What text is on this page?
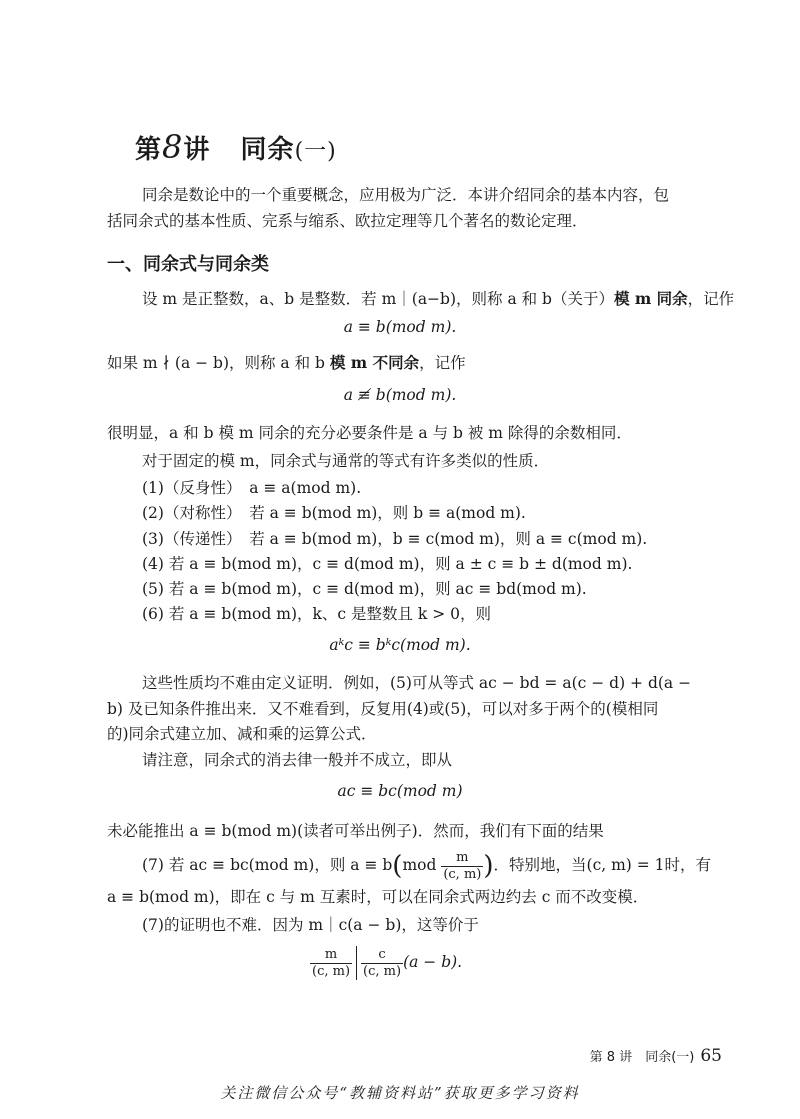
第8讲 同余(一)
同余是数论中的一个重要概念，应用极为广泛．本讲介绍同余的基本内容，包
括同余式的基本性质、完系与缩系、欧拉定理等几个著名的数论定理．
一、同余式与同余类
设 m 是正整数，a、b 是整数．若 m｜(a−b)，则称 a 和 b（关于）模 m 同余，记作
a ≡ b(mod m).
如果 m ∤ (a − b)，则称 a 和 b 模 m 不同余，记作
a ≢ b(mod m).
很明显，a 和 b 模 m 同余的充分必要条件是 a 与 b 被 m 除得的余数相同．
对于固定的模 m，同余式与通常的等式有许多类似的性质．
(1)（反身性）　a ≡ a(mod m).
(2)（对称性）　若 a ≡ b(mod m)，则 b ≡ a(mod m).
(3)（传递性）　若 a ≡ b(mod m)，b ≡ c(mod m)，则 a ≡ c(mod m).
(4) 若 a ≡ b(mod m)，c ≡ d(mod m)，则 a ± c ≡ b ± d(mod m).
(5) 若 a ≡ b(mod m)，c ≡ d(mod m)，则 ac ≡ bd(mod m).
(6) 若 a ≡ b(mod m)，k、c 是整数且 k > 0，则
aᵏc ≡ bᵏc(mod m).
这些性质均不难由定义证明．例如，(5)可从等式 ac − bd = a(c − d) + d(a −
b) 及已知条件推出来．又不难看到，反复用(4)或(5)，可以对多于两个的(模相同
的)同余式建立加、减和乘的运算公式．
请注意，同余式的消去律一般并不成立，即从
ac ≡ bc(mod m)
未必能推出 a ≡ b(mod m)(读者可举出例子)．然而，我们有下面的结果
(7) 若 ac ≡ bc(mod m)，则 $a \equiv b(mod \frac{m}{(c, m)}$ )．特别地，当(c, m) = 1时，有
a ≡ b(mod m)，即在 c 与 m 互素时，可以在同余式两边约去 c 而不改变模．
(7)的证明也不难．因为 m｜c(a − b)，这等价于
$\frac{m}{(c, m)} \frac{c}{(c, m)} (a - b)$.
第 8 讲　同余(一) 65
关注微信公众号“教辅资料站”获取更多学习资料
